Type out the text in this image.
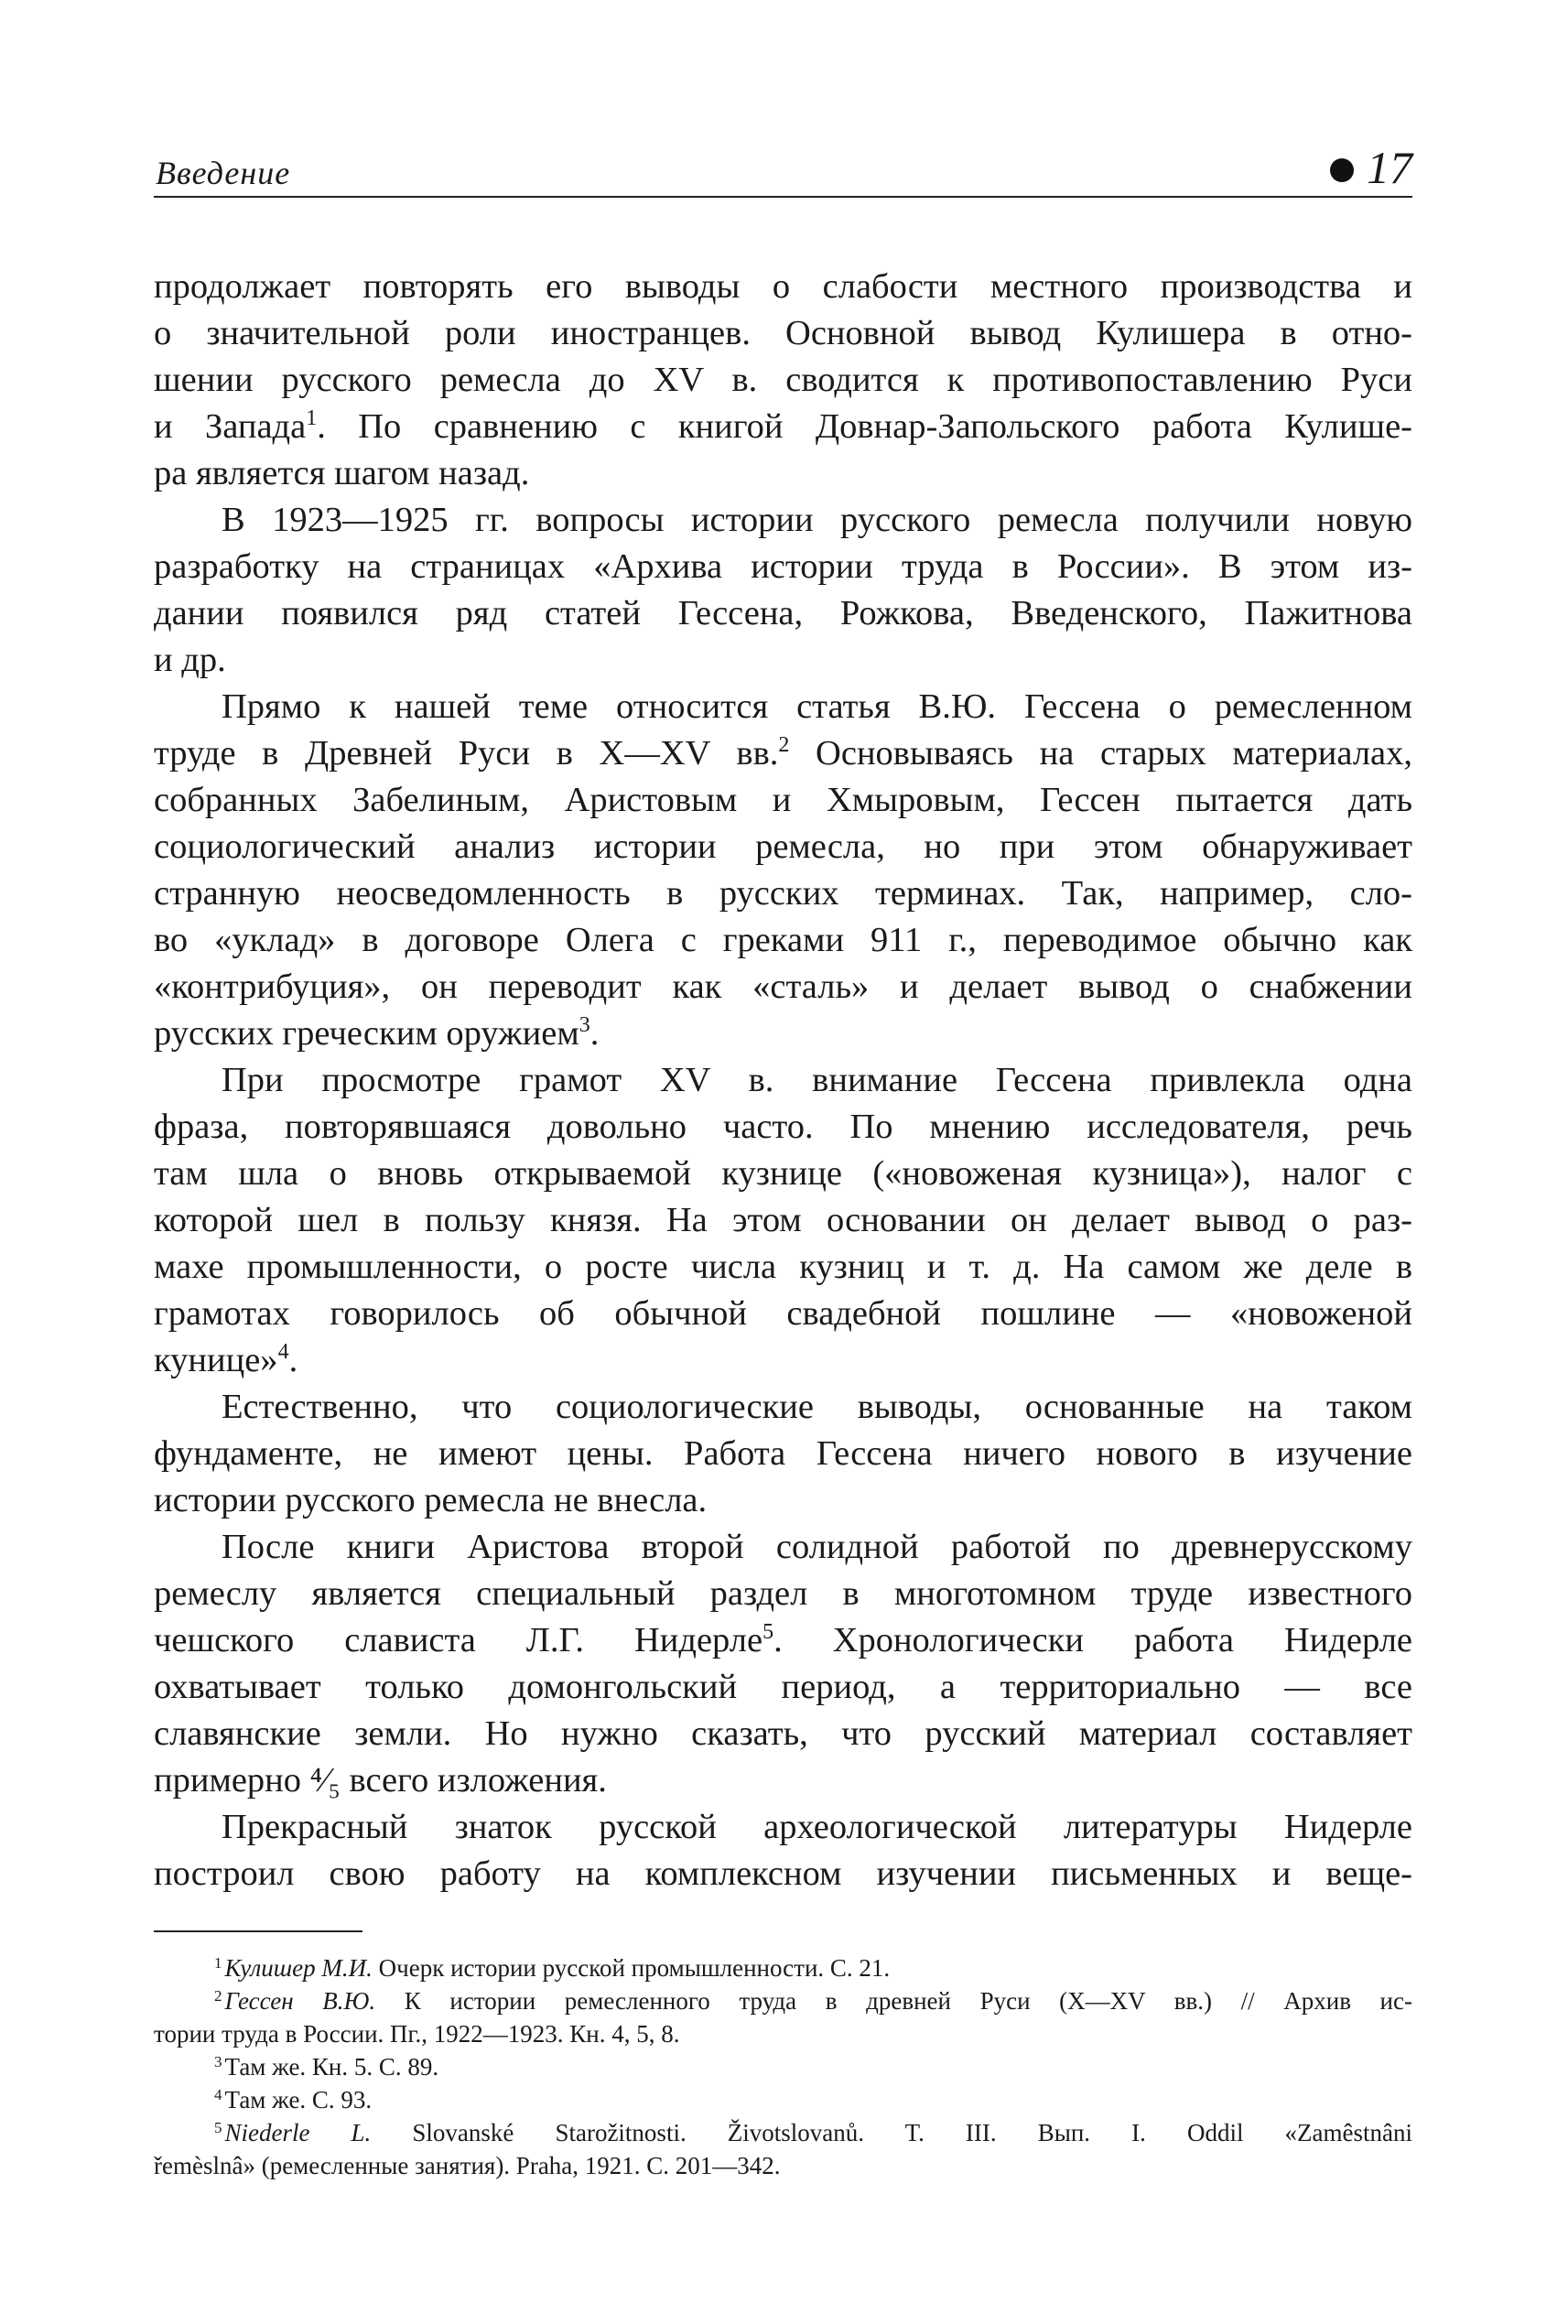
Введение	17
продолжает повторять его выводы о слабости местного производства и
о значительной роли иностранцев. Основной вывод Кулишера в отно-
шении русского ремесла до XV в. сводится к противопоставлению Руси
и Запада$^1$. По сравнению с книгой Довнар-Запольского работа Кулише-
ра является шагом назад.
В 1923—1925 гг. вопросы истории русского ремесла получили новую
разработку на страницах «Архива истории труда в России». В этом из-
дании появился ряд статей Гессена, Рожкова, Введенского, Пажитнова
и др.
Прямо к нашей теме относится статья В.Ю. Гессена о ремесленном
труде в Древней Руси в X—XV вв.$^2$ Основываясь на старых материалах,
собранных Забелиным, Аристовым и Хмыровым, Гессен пытается дать
социологический анализ истории ремесла, но при этом обнаруживает
странную неосведомленность в русских терминах. Так, например, сло-
во «уклад» в договоре Олега с греками 911 г., переводимое обычно как
«контрибуция», он переводит как «сталь» и делает вывод о снабжении
русских греческим оружием$^3$.
При просмотре грамот XV в. внимание Гессена привлекла одна
фраза, повторявшаяся довольно часто. По мнению исследователя, речь
там шла о вновь открываемой кузнице («новоженая кузница»), налог с
которой шел в пользу князя. На этом основании он делает вывод о раз-
махе промышленности, о росте числа кузниц и т. д. На самом же деле в
грамотах говорилось об обычной свадебной пошлине — «новоженой
кунице»$^4$.
Естественно, что социологические выводы, основанные на таком
фундаменте, не имеют цены. Работа Гессена ничего нового в изучение
истории русского ремесла не внесла.
После книги Аристова второй солидной работой по древнерусскому
ремеслу является специальный раздел в многотомном труде известного
чешского слависта Л.Г. Нидерле$^5$. Хронологически работа Нидерле
охватывает только домонгольский период, а территориально — все
славянские земли. Но нужно сказать, что русский материал составляет
примерно ⁴⁄₅ всего изложения.
Прекрасный знаток русской археологической литературы Нидерле
построил свою работу на комплексном изучении письменных и веще-
$^1$ Кулишер М.И. Очерк истории русской промышленности. С. 21.
$^2$ Гессен В.Ю. К истории ремесленного труда в древней Руси (X—XV вв.) // Архив ис-
тории труда в России. Пг., 1922—1923. Кн. 4, 5, 8.
$^3$ Там же. Кн. 5. С. 89.
$^4$ Там же. С. 93.
$^5$ Niederle L. Slovanské Starožitnosti. Životslovanů. T. III. Вып. I. Oddil «Zamêstnâni
řemèslnâ» (ремесленные занятия). Praha, 1921. С. 201—342.
